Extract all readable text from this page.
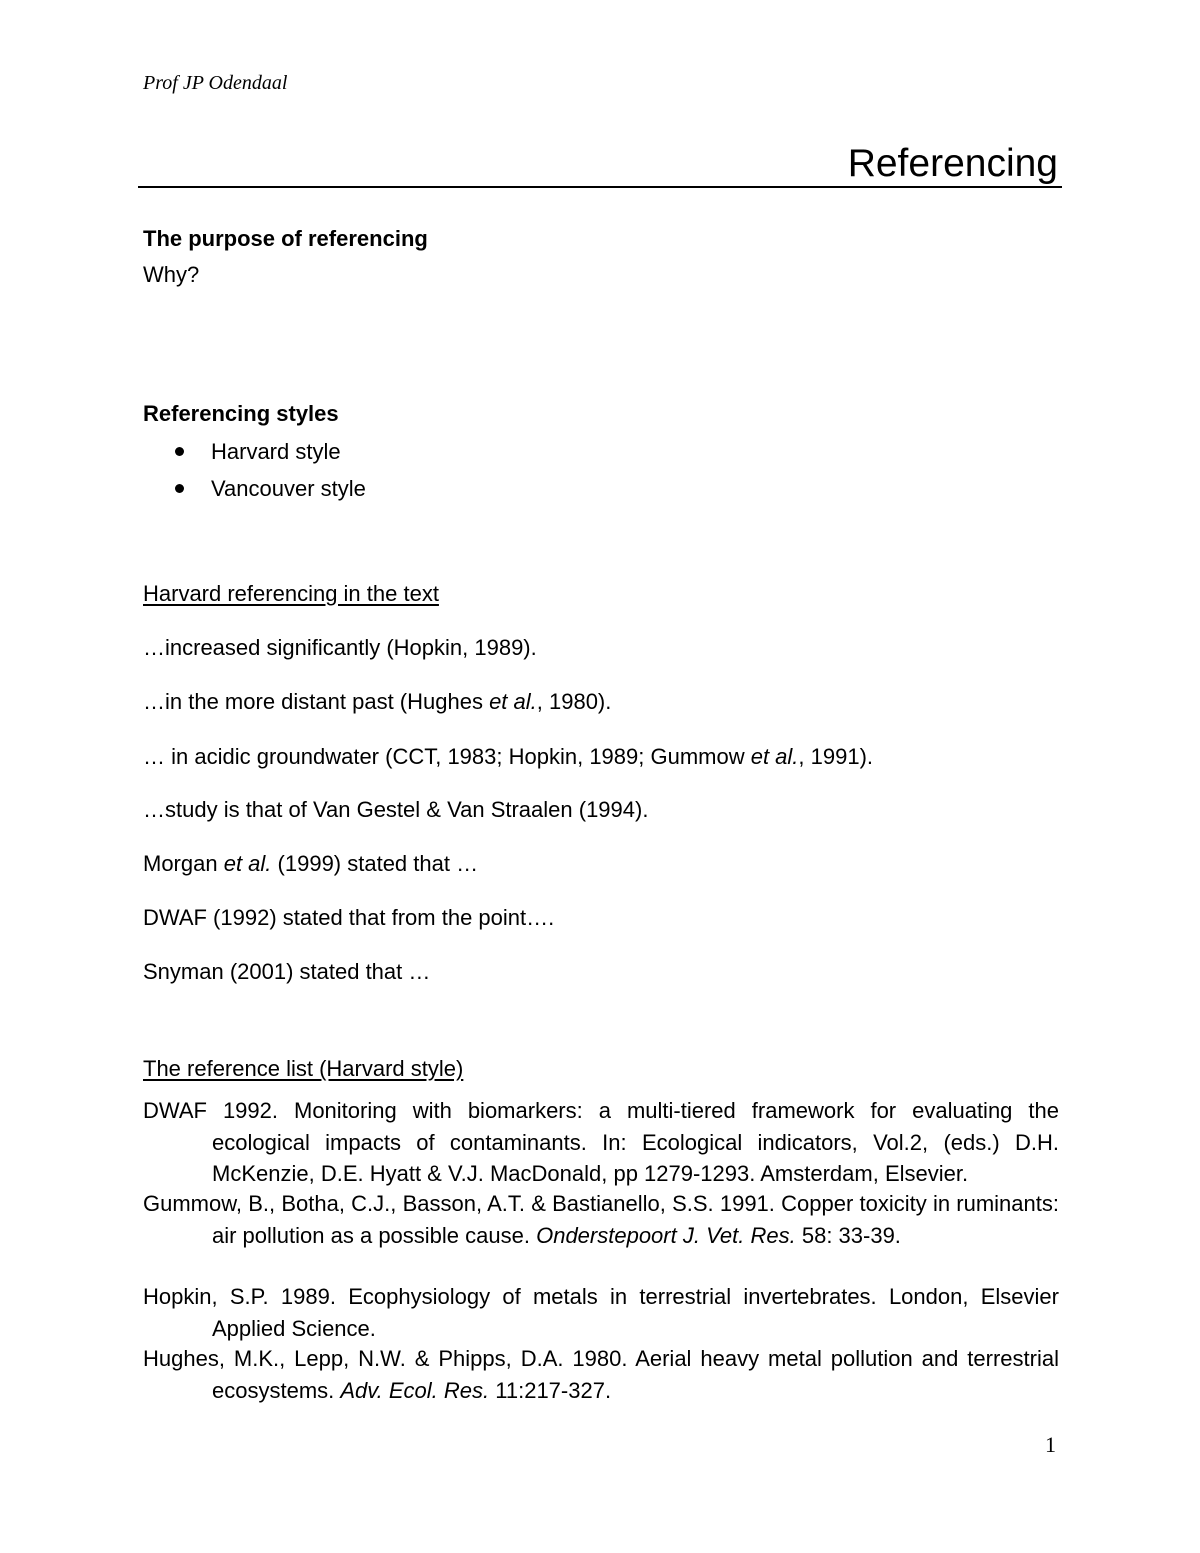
Prof JP Odendaal
Referencing
The purpose of referencing
Why?
Referencing styles
Harvard style
Vancouver style
Harvard referencing in the text
…increased significantly (Hopkin, 1989).
…in the more distant past (Hughes et al., 1980).
… in acidic groundwater (CCT, 1983; Hopkin, 1989; Gummow et al., 1991).
…study is that of Van Gestel & Van Straalen (1994).
Morgan et al. (1999) stated that …
DWAF (1992) stated that from the point….
Snyman (2001) stated that …
The reference list (Harvard style)
DWAF 1992. Monitoring with biomarkers: a multi-tiered framework for evaluating the ecological impacts of contaminants. In: Ecological indicators, Vol.2, (eds.) D.H. McKenzie, D.E. Hyatt & V.J. MacDonald, pp 1279-1293. Amsterdam, Elsevier.
Gummow, B., Botha, C.J., Basson, A.T. & Bastianello, S.S. 1991. Copper toxicity in ruminants: air pollution as a possible cause. Onderstepoort J. Vet. Res. 58: 33-39.
Hopkin, S.P. 1989. Ecophysiology of metals in terrestrial invertebrates. London, Elsevier Applied Science.
Hughes, M.K., Lepp, N.W. & Phipps, D.A. 1980. Aerial heavy metal pollution and terrestrial ecosystems. Adv. Ecol. Res. 11:217-327.
1
